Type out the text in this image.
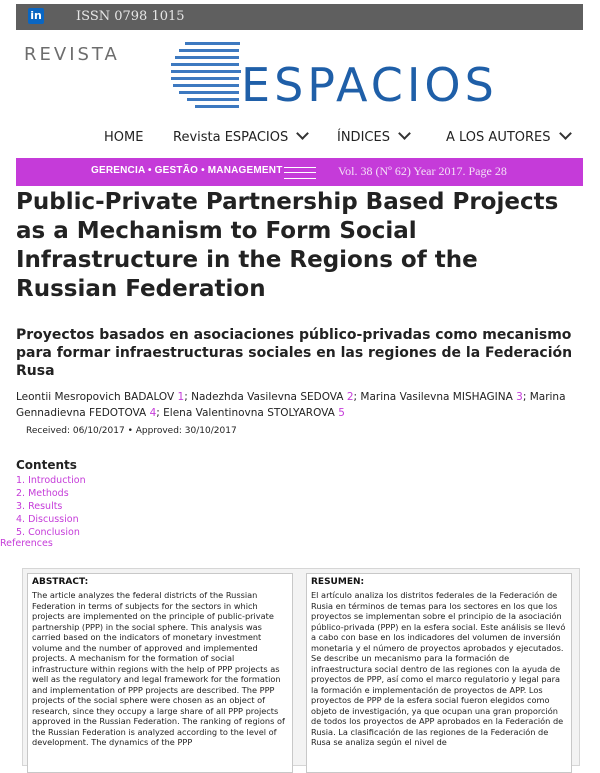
in	ISSN 0798 1015
REVISTA
ESPACIOS
HOME Revista ESPACIOS	ÍNDICES	A LOS AUTORES
GERENCIA • GESTÃO • MANAGEMENT	Vol. 38 (Nº 62) Year 2017. Page 28
Public-Private Partnership Based Projects as a Mechanism to Form Social Infrastructure in the Regions of the Russian Federation
Proyectos basados en asociaciones público-privadas como mecanismo para formar infraestructuras sociales en las regiones de la Federación Rusa
Leontii Mesropovich BADALOV 1; Nadezhda Vasilevna SEDOVA 2; Marina Vasilevna MISHAGINA 3; Marina Gennadievna FEDOTOVA 4; Elena Valentinovna STOLYAROVA 5
Received: 06/10/2017 • Approved: 30/10/2017
Contents
1. Introduction
2. Methods
3. Results
4. Discussion
5. Conclusion
References
ABSTRACT:
The article analyzes the federal districts of the Russian Federation in terms of subjects for the sectors in which projects are implemented on the principle of public-private partnership (PPP) in the social sphere. This analysis was carried based on the indicators of monetary investment volume and the number of approved and implemented projects. A mechanism for the formation of social infrastructure within regions with the help of PPP projects as well as the regulatory and legal framework for the formation and implementation of PPP projects are described. The PPP projects of the social sphere were chosen as an object of research, since they occupy a large share of all PPP projects approved in the Russian Federation. The ranking of regions of the Russian Federation is analyzed according to the level of development. The dynamics of the PPP
RESUMEN:
El artículo analiza los distritos federales de la Federación de Rusia en términos de temas para los sectores en los que los proyectos se implementan sobre el principio de la asociación público-privada (PPP) en la esfera social. Este análisis se llevó a cabo con base en los indicadores del volumen de inversión monetaria y el número de proyectos aprobados y ejecutados. Se describe un mecanismo para la formación de infraestructura social dentro de las regiones con la ayuda de proyectos de PPP, así como el marco regulatorio y legal para la formación e implementación de proyectos de APP. Los proyectos de PPP de la esfera social fueron elegidos como objeto de investigación, ya que ocupan una gran proporción de todos los proyectos de APP aprobados en la Federación de Rusia. La clasificación de las regiones de la Federación de Rusa se analiza según el nivel de
